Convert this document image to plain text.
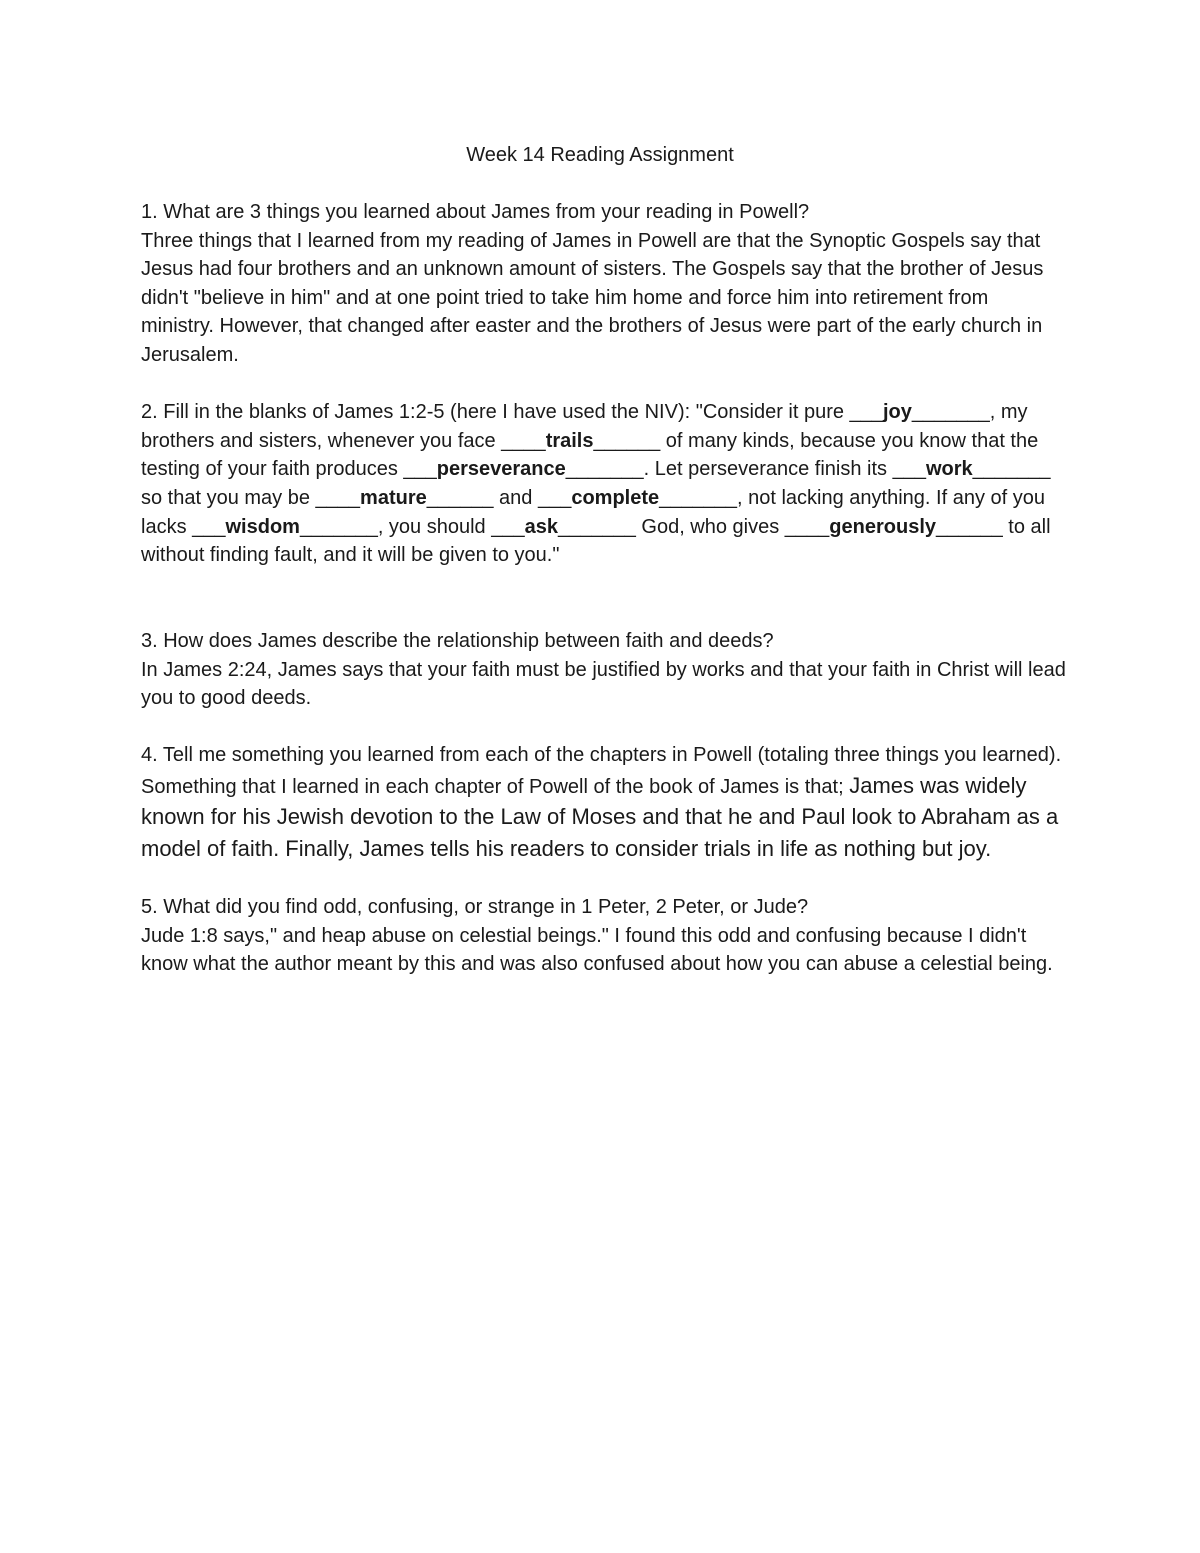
Week 14 Reading Assignment

1. What are 3 things you learned about James from your reading in Powell?

Three things that I learned from my reading of James in Powell are that the Synoptic Gospels say that Jesus had four brothers and an unknown amount of sisters. The Gospels say that the brother of Jesus didn't "believe in him" and at one point tried to take him home and force him into retirement from ministry. However, that changed after easter and the brothers of Jesus were part of the early church in Jerusalem.

2. Fill in the blanks of James 1:2-5 (here I have used the NIV): "Consider it pure ___joy_______, my brothers and sisters, whenever you face ____trails______ of many kinds, because you know that the testing of your faith produces ___perseverance_______. Let perseverance finish its ___work_______ so that you may be ____mature______ and ___complete_______, not lacking anything. If any of you lacks ___wisdom_______, you should ___ask_______ God, who gives ____generously______ to all without finding fault, and it will be given to you."

3. How does James describe the relationship between faith and deeds?

In James 2:24, James says that your faith must be justified by works and that your faith in Christ will lead you to good deeds.

4. Tell me something you learned from each of the chapters in Powell (totaling three things you learned).

Something that I learned in each chapter of Powell of the book of James is that; James was widely known for his Jewish devotion to the Law of Moses and that he and Paul look to Abraham as a model of faith. Finally, James tells his readers to consider trials in life as nothing but joy.

5. What did you find odd, confusing, or strange in 1 Peter, 2 Peter, or Jude?

Jude 1:8 says," and heap abuse on celestial beings." I found this odd and confusing because I didn't know what the author meant by this and was also confused about how you can abuse a celestial being.
